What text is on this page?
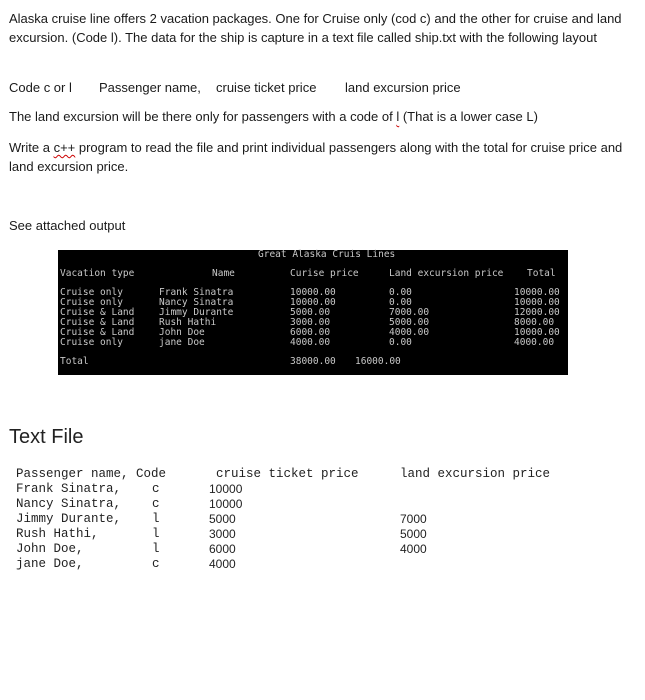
Alaska cruise line offers 2 vacation packages. One for Cruise only (cod c) and the other for cruise and land excursion. (Code l). The data for the ship is capture in a text file called ship.txt with the following layout

Code c or l Passenger name, cruise ticket price land excursion price

The land excursion will be there only for passengers with a code of l (That is a lower case L)

Write a c++ program to read the file and print individual passengers along with the total for cruise price and land excursion price.

See attached output

Great Alaska Cruis Lines
Vacation type	Name	Curise price	Land excursion price Total
Cruise only	Frank Sinatra	10000.00	0.00	10000.00
Cruise only	Nancy Sinatra	10000.00	0.00	10000.00
Cruise & Land	Jimmy Durante	5000.00	7000.00	12000.00
Cruise & Land	Rush Hathi	3000.00	5000.00	8000.00
Cruise & Land	John Doe	6000.00	4000.00	10000.00
Cruise only	jane Doe	4000.00	0.00	4000.00
Total	38000.00 16000.00
Text File
Passenger name, Code	cruise ticket price	land excursion price
Frank Sinatra, c	10000
Nancy Sinatra, c	10000
Jimmy Durante, l	5000	7000
Rush Hathi,	l	3000	5000
John Doe,	l	6000	4000
jane Doe,	c	4000
